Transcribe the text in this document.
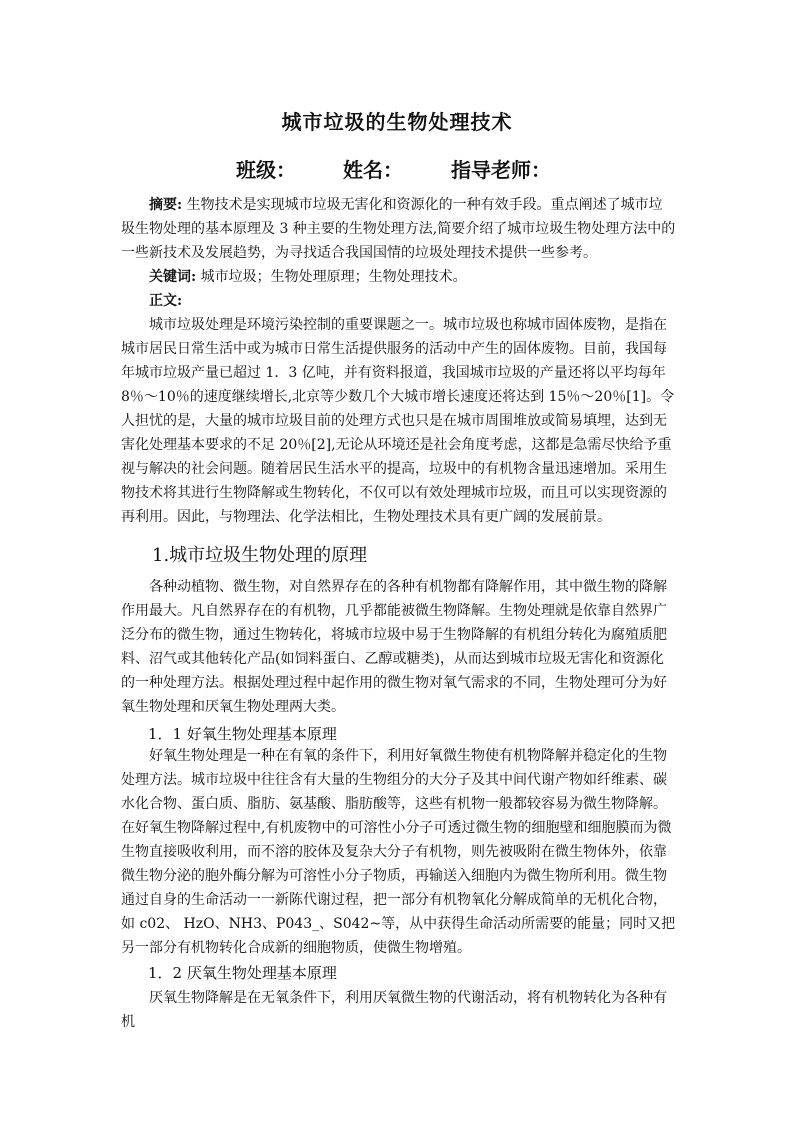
城市垃圾的生物处理技术
班级： 姓名： 指导老师：

摘要: 生物技术是实现城市垃圾无害化和资源化的一种有效手段。重点阐述了城市垃圾生物处理的基本原理及 3 种主要的生物处理方法,简要介绍了城市垃圾生物处理方法中的一些新技术及发展趋势，为寻找适合我国国情的垃圾处理技术提供一些参考。

关键词: 城市垃圾；生物处理原理；生物处理技术。

正文:

城市垃圾处理是环境污染控制的重要课题之一。城市垃圾也称城市固体废物，是指在城市居民日常生活中或为城市日常生活提供服务的活动中产生的固体废物。目前，我国每年城市垃圾产量已超过 1．3 亿吨，并有资料报道，我国城市垃圾的产量还将以平均每年 8％～10％的速度继续增长,北京等少数几个大城市增长速度还将达到 15％～20％[1]。令人担忧的是，大量的城市垃圾目前的处理方式也只是在城市周围堆放或简易填埋，达到无害化处理基本要求的不足 20％[2],无论从环境还是社会角度考虑，这都是急需尽快给予重视与解决的社会问题。随着居民生活水平的提高，垃圾中的有机物含量迅速增加。采用生物技术将其进行生物降解或生物转化，不仅可以有效处理城市垃圾，而且可以实现资源的再利用。因此，与物理法、化学法相比，生物处理技术具有更广阔的发展前景。

1.城市垃圾生物处理的原理

各种动植物、微生物，对自然界存在的各种有机物都有降解作用，其中微生物的降解作用最大。凡自然界存在的有机物，几乎都能被微生物降解。生物处理就是依靠自然界广泛分布的微生物，通过生物转化，将城市垃圾中易于生物降解的有机组分转化为腐殖质肥料、沼气或其他转化产品(如饲料蛋白、乙醇或糖类)，从而达到城市垃圾无害化和资源化的一种处理方法。根据处理过程中起作用的微生物对氧气需求的不同，生物处理可分为好氧生物处理和厌氧生物处理两大类。

1．1 好氧生物处理基本原理

好氧生物处理是一种在有氧的条件下，利用好氧微生物使有机物降解并稳定化的生物处理方法。城市垃圾中往往含有大量的生物组分的大分子及其中间代谢产物如纤维素、碳水化合物、蛋白质、脂肪、氨基酸、脂肪酸等，这些有机物一般都较容易为微生物降解。在好氧生物降解过程中,有机废物中的可溶性小分子可透过微生物的细胞壁和细胞膜而为微生物直接吸收利用，而不溶的胶体及复杂大分子有机物，则先被吸附在微生物体外，依靠微生物分泌的胞外酶分解为可溶性小分子物质，再输送入细胞内为微生物所利用。微生物通过自身的生命活动一一新陈代谢过程，把一部分有机物氧化分解成简单的无机化合物，如 c02、 HzO、NH3、P043_、S042~等，从中获得生命活动所需要的能量；同时又把另一部分有机物转化合成新的细胞物质，使微生物增殖。

1．2 厌氧生物处理基本原理

厌氧生物降解是在无氧条件下，利用厌氧微生物的代谢活动，将有机物转化为各种有机
